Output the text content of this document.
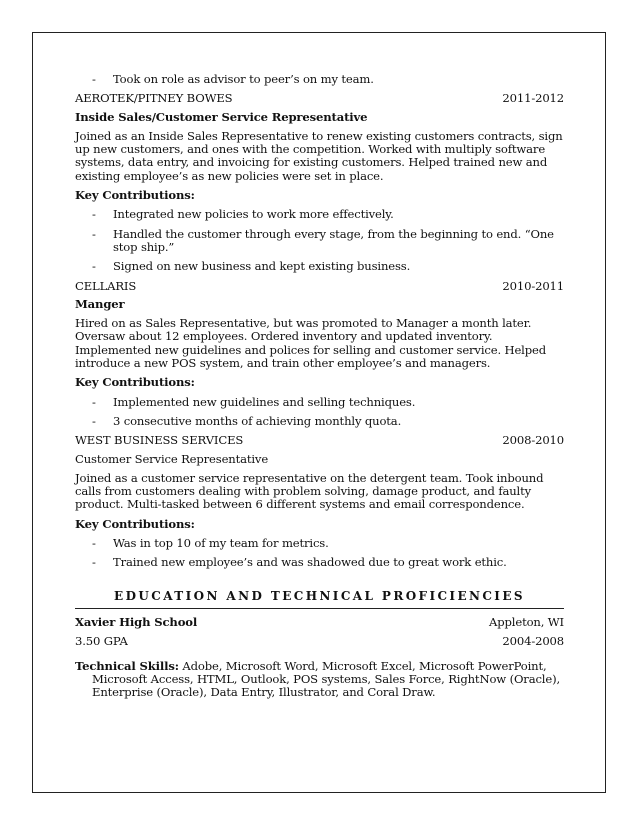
-	Took on role as advisor to peer’s on my team.
AEROTEK/PITNEY BOWES	2011-2012
Inside Sales/Customer Service Representative

Joined as an Inside Sales Representative to renew existing customers contracts, sign up new customers, and ones with the competition. Worked with multiply software systems, data entry, and invoicing for existing customers. Helped trained new and existing employee’s as new policies were set in place.

Key Contributions:
-	Integrated new policies to work more effectively.
-	Handled the customer through every stage, from the beginning to end. “One stop ship.”
-	Signed on new business and kept existing business.
CELLARIS	2010-2011
Manger

Hired on as Sales Representative, but was promoted to Manager a month later. Oversaw about 12 employees. Ordered inventory and updated inventory. Implemented new guidelines and polices for selling and customer service. Helped introduce a new POS system, and train other employee’s and managers.

Key Contributions:
-	Implemented new guidelines and selling techniques.
-	3 consecutive months of achieving monthly quota.
WEST BUSINESS SERVICES	2008-2010
Customer Service Representative

Joined as a customer service representative on the detergent team. Took inbound calls from customers dealing with problem solving, damage product, and faulty product. Multi-tasked between 6 different systems and email correspondence.

Key Contributions:
-	Was in top 10 of my team for metrics.
-	Trained new employee’s and was shadowed due to great work ethic.
EDUCATION AND TECHNICAL PROFICIENCIES
Xavier High School	Appleton, WI
3.50 GPA	2004-2008
Technical Skills: Adobe, Microsoft Word, Microsoft Excel, Microsoft PowerPoint, Microsoft Access, HTML, Outlook, POS systems, Sales Force, RightNow (Oracle), Enterprise (Oracle), Data Entry, Illustrator, and Coral Draw.
